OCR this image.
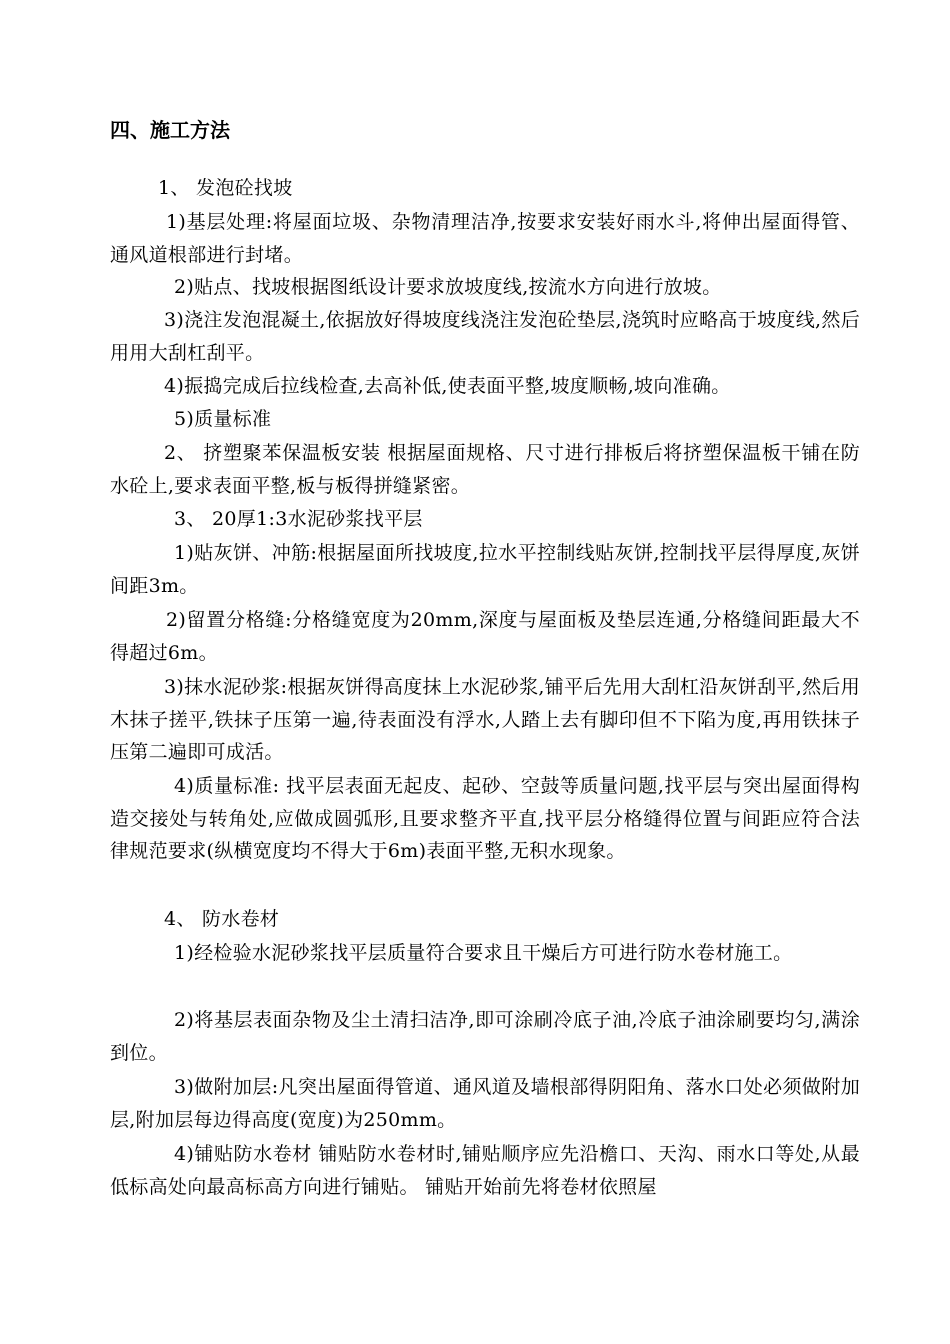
四、施工方法
1、 发泡砼找坡
1)基层处理:将屋面垃圾、杂物清理洁净,按要求安装好雨水斗,将伸出屋面得管、通风道根部进行封堵。
2)贴点、找坡根据图纸设计要求放坡度线,按流水方向进行放坡。
3)浇注发泡混凝土,依据放好得坡度线浇注发泡砼垫层,浇筑时应略高于坡度线,然后用用大刮杠刮平。
4)振捣完成后拉线检查,去高补低,使表面平整,坡度顺畅,坡向准确。
5)质量标准
2、 挤塑聚苯保温板安装 根据屋面规格、尺寸进行排板后将挤塑保温板干铺在防水砼上,要求表面平整,板与板得拼缝紧密。
3、 20厚1:3水泥砂浆找平层
1)贴灰饼、冲筋:根据屋面所找坡度,拉水平控制线贴灰饼,控制找平层得厚度,灰饼间距3m。
2)留置分格缝:分格缝宽度为20mm,深度与屋面板及垫层连通,分格缝间距最大不得超过6m。
3)抹水泥砂浆:根据灰饼得高度抹上水泥砂浆,铺平后先用大刮杠沿灰饼刮平,然后用木抹子搓平,铁抹子压第一遍,待表面没有浮水,人踏上去有脚印但不下陷为度,再用铁抹子压第二遍即可成活。
4)质量标准: 找平层表面无起皮、起砂、空鼓等质量问题,找平层与突出屋面得构造交接处与转角处,应做成圆弧形,且要求整齐平直,找平层分格缝得位置与间距应符合法律规范要求(纵横宽度均不得大于6m)表面平整,无积水现象。
4、 防水卷材
1)经检验水泥砂浆找平层质量符合要求且干燥后方可进行防水卷材施工。
2)将基层表面杂物及尘土清扫洁净,即可涂刷冷底子油,冷底子油涂刷要均匀,满涂到位。
3)做附加层:凡突出屋面得管道、通风道及墙根部得阴阳角、落水口处必须做附加层,附加层每边得高度(宽度)为250mm。
4)铺贴防水卷材 铺贴防水卷材时,铺贴顺序应先沿檐口、天沟、雨水口等处,从最低标高处向最高标高方向进行铺贴。 铺贴开始前先将卷材依照屋
